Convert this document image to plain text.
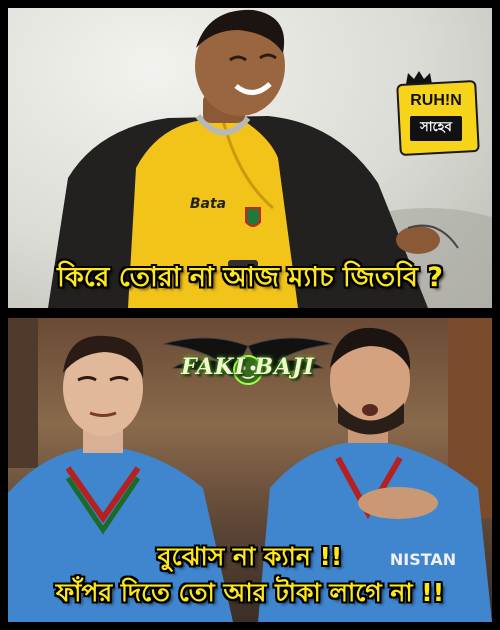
Bata
RUH!N
সাহেব
কিরে তোরা না আজ ম্যাচ জিতবি ?
NISTAN
FAKI BAJI
বুঝোস না ক্যান !!
ফাঁপর দিতে তো আর টাকা লাগে না !!
